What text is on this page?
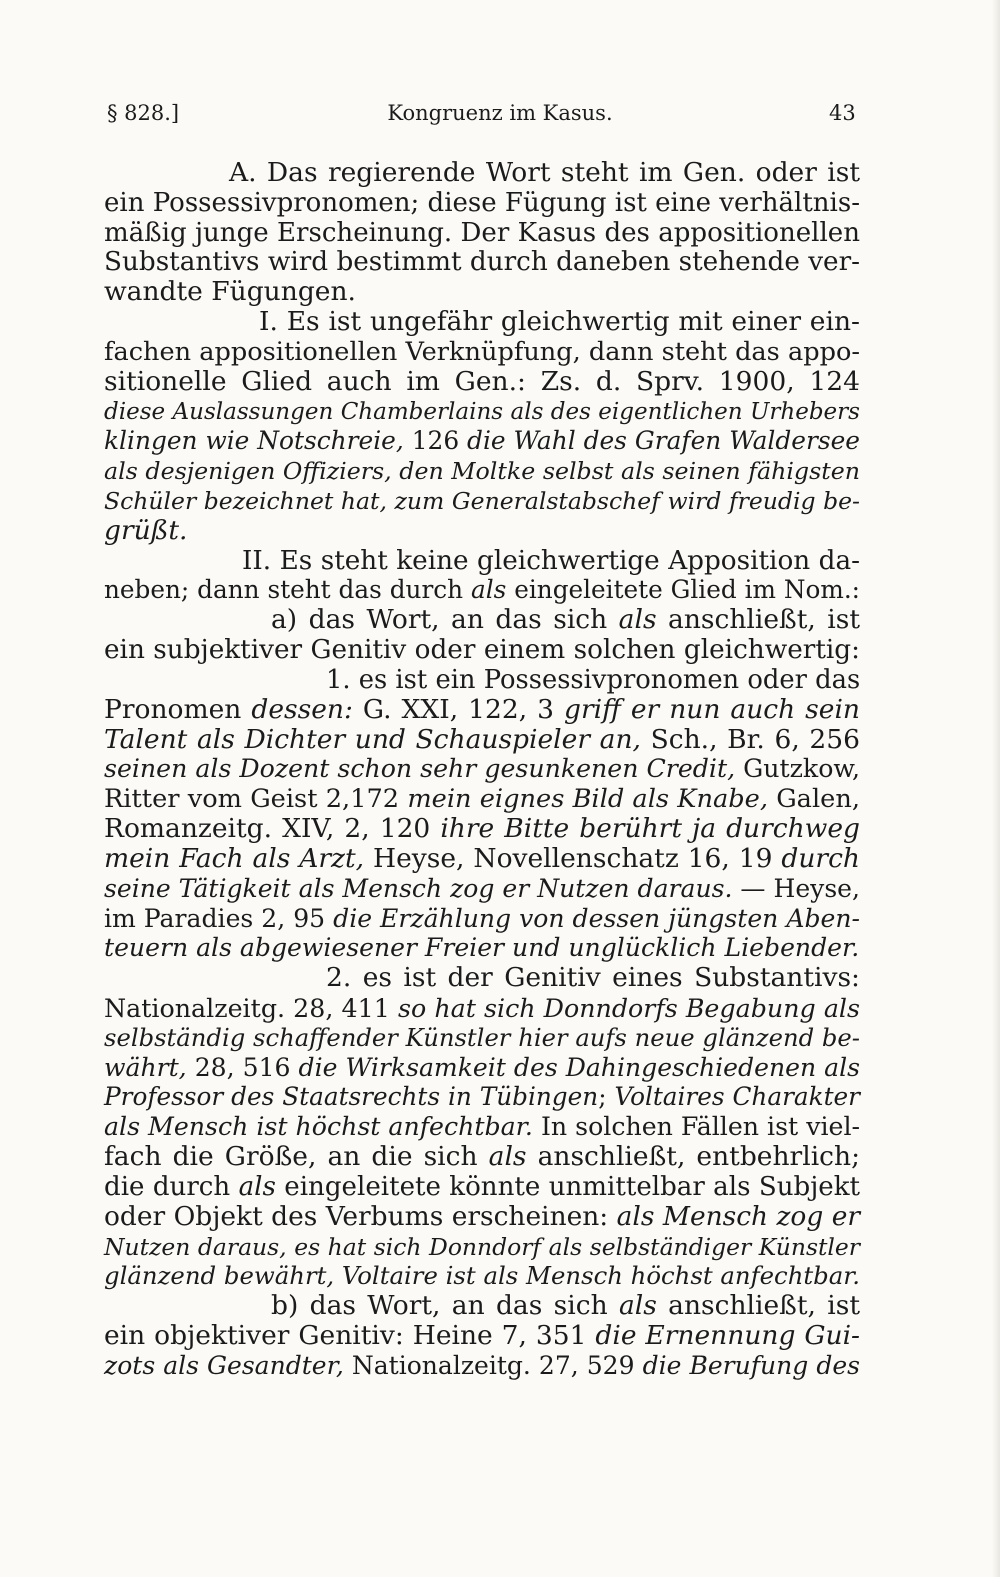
§ 828.]	Kongruenz im Kasus.	43
A. Das regierende Wort steht im Gen. oder ist
ein Possessivpronomen; diese Fügung ist eine verhältnis-
mäßig junge Erscheinung. Der Kasus des appositionellen
Substantivs wird bestimmt durch daneben stehende ver-
wandte Fügungen.
I. Es ist ungefähr gleichwertig mit einer ein-
fachen appositionellen Verknüpfung, dann steht das appo-
sitionelle Glied auch im Gen.: Zs. d. Sprv. 1900, 124
diese Auslassungen Chamberlains als des eigentlichen Urhebers
klingen wie Notschreie, 126 die Wahl des Grafen Waldersee
als desjenigen Offiziers, den Moltke selbst als seinen fähigsten
Schüler bezeichnet hat, zum Generalstabschef wird freudig be-
grüßt.
II. Es steht keine gleichwertige Apposition da-
neben; dann steht das durch als eingeleitete Glied im Nom.:
a) das Wort, an das sich als anschließt, ist
ein subjektiver Genitiv oder einem solchen gleichwertig:
1. es ist ein Possessivpronomen oder das
Pronomen dessen: G. XXI, 122, 3 griff er nun auch sein
Talent als Dichter und Schauspieler an, Sch., Br. 6, 256
seinen als Dozent schon sehr gesunkenen Credit, Gutzkow,
Ritter vom Geist 2,172 mein eignes Bild als Knabe, Galen,
Romanzeitg. XIV, 2, 120 ihre Bitte berührt ja durchweg
mein Fach als Arzt, Heyse, Novellenschatz 16, 19 durch
seine Tätigkeit als Mensch zog er Nutzen daraus. — Heyse,
im Paradies 2, 95 die Erzählung von dessen jüngsten Aben-
teuern als abgewiesener Freier und unglücklich Liebender.
2. es ist der Genitiv eines Substantivs:
Nationalzeitg. 28, 411 so hat sich Donndorfs Begabung als
selbständig schaffender Künstler hier aufs neue glänzend be-
währt, 28, 516 die Wirksamkeit des Dahingeschiedenen als
Professor des Staatsrechts in Tübingen; Voltaires Charakter
als Mensch ist höchst anfechtbar. In solchen Fällen ist viel-
fach die Größe, an die sich als anschließt, entbehrlich;
die durch als eingeleitete könnte unmittelbar als Subjekt
oder Objekt des Verbums erscheinen: als Mensch zog er
Nutzen daraus, es hat sich Donndorf als selbständiger Künstler
glänzend bewährt, Voltaire ist als Mensch höchst anfechtbar.
b) das Wort, an das sich als anschließt, ist
ein objektiver Genitiv: Heine 7, 351 die Ernennung Gui-
zots als Gesandter, Nationalzeitg. 27, 529 die Berufung des
